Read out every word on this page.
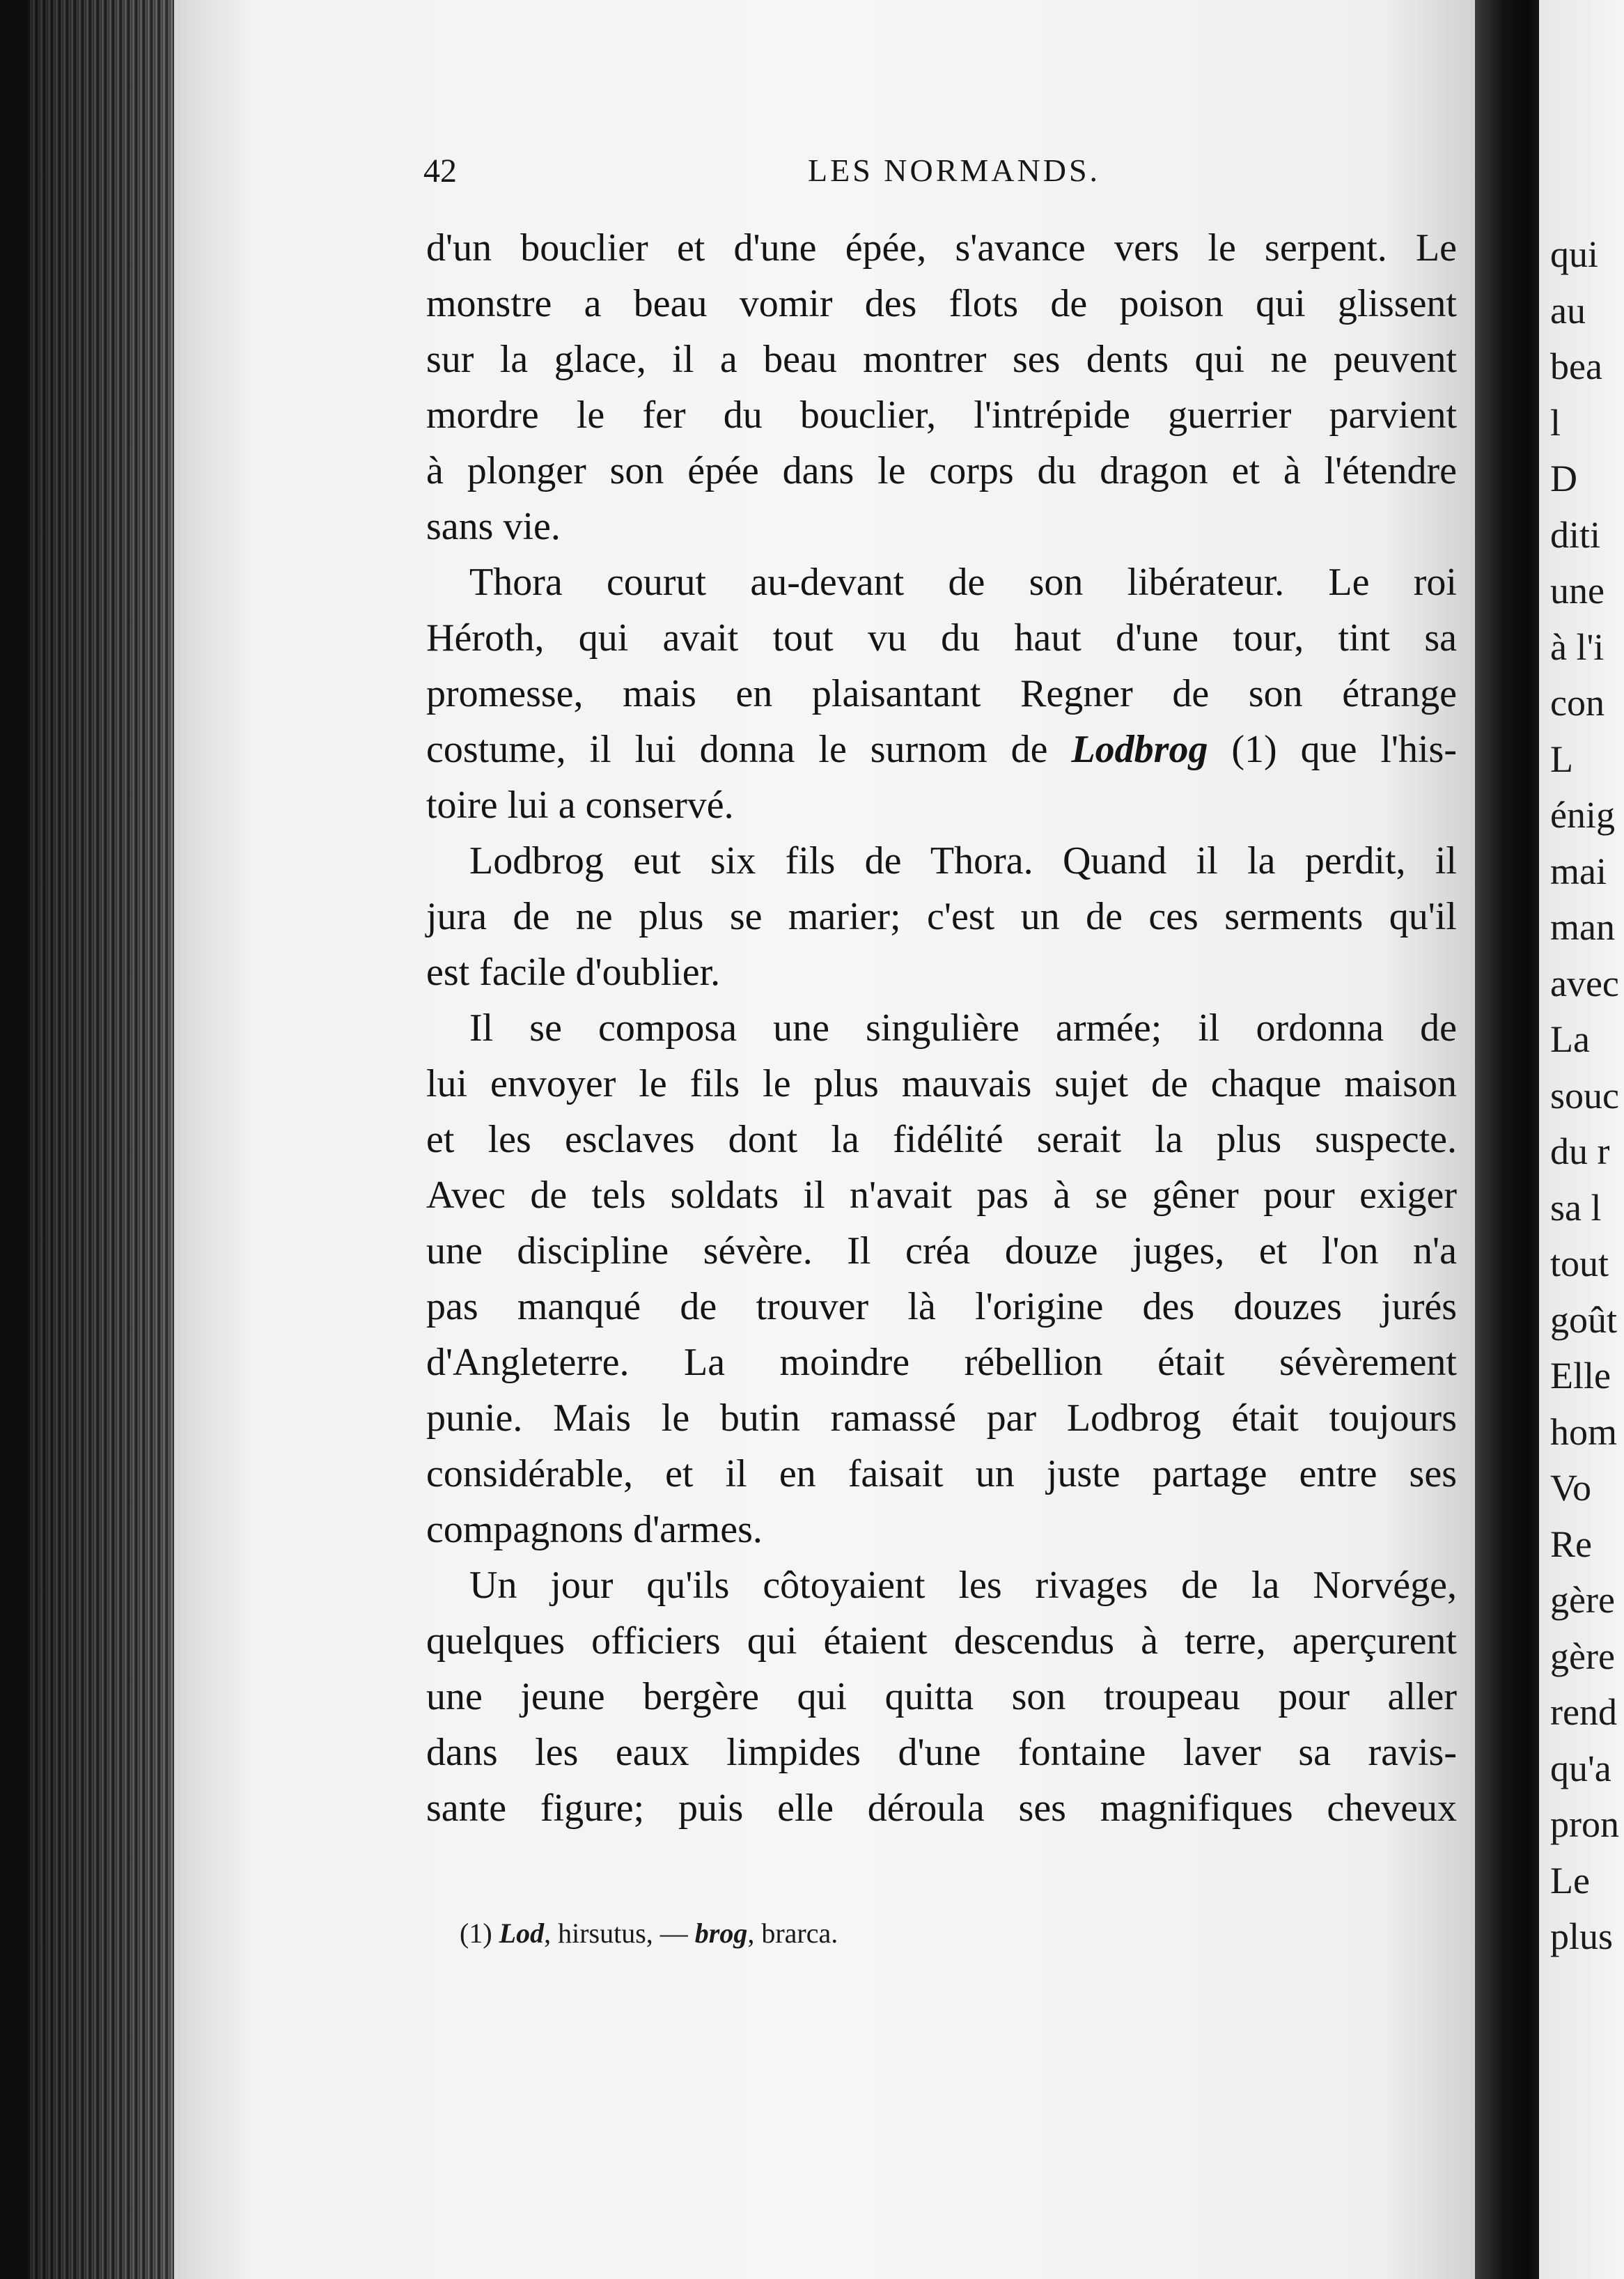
qui
au
bea
l
D
diti
une
à l'i
con
L
énig
mai
man
avec
La
souc
du r
sa l
tout
goût
Elle
hom
Vo
Re
gère
gère
rend
qu'a
pron
Le
plus
42	LES NORMANDS.
d'un bouclier et d'une épée, s'avance vers le serpent. Le
monstre a beau vomir des flots de poison qui glissent
sur la glace, il a beau montrer ses dents qui ne peuvent
mordre le fer du bouclier, l'intrépide guerrier parvient
à plonger son épée dans le corps du dragon et à l'étendre
sans vie.
Thora courut au-devant de son libérateur. Le roi
Héroth, qui avait tout vu du haut d'une tour, tint sa
promesse, mais en plaisantant Regner de son étrange
costume, il lui donna le surnom de Lodbrog (1) que l'his-
toire lui a conservé.
Lodbrog eut six fils de Thora. Quand il la perdit, il
jura de ne plus se marier; c'est un de ces serments qu'il
est facile d'oublier.
Il se composa une singulière armée; il ordonna de
lui envoyer le fils le plus mauvais sujet de chaque maison
et les esclaves dont la fidélité serait la plus suspecte.
Avec de tels soldats il n'avait pas à se gêner pour exiger
une discipline sévère. Il créa douze juges, et l'on n'a
pas manqué de trouver là l'origine des douzes jurés
d'Angleterre. La moindre rébellion était sévèrement
punie. Mais le butin ramassé par Lodbrog était toujours
considérable, et il en faisait un juste partage entre ses
compagnons d'armes.
Un jour qu'ils côtoyaient les rivages de la Norvége,
quelques officiers qui étaient descendus à terre, aperçurent
une jeune bergère qui quitta son troupeau pour aller
dans les eaux limpides d'une fontaine laver sa ravis-
sante figure; puis elle déroula ses magnifiques cheveux
(1) Lod, hirsutus, — brog, brarca.
